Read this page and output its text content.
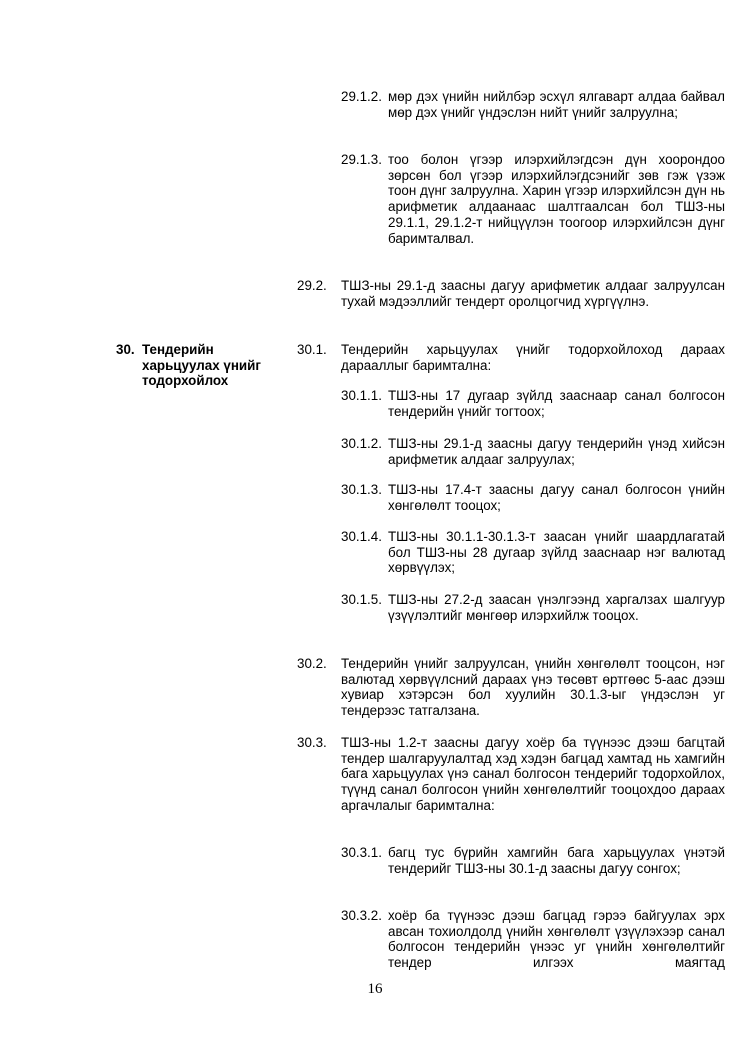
30. Тендерийн харьцуулах үнийг тодорхойлох
29.1.2. мөр дэх үнийн нийлбэр эсхүл ялгаварт алдаа байвал мөр дэх үнийг үндэслэн нийт үнийг залруулна;
29.1.3. тоо болон үгээр илэрхийлэгдсэн дүн хоорондоо зөрсөн бол үгээр илэрхийлэгдсэнийг зөв гэж үзэж тоон дүнг залруулна. Харин үгээр илэрхийлсэн дүн нь арифметик алдаанаас шалтгаалсан бол ТШЗ-ны 29.1.1, 29.1.2-т нийцүүлэн тоогоор илэрхийлсэн дүнг баримталвал.
29.2. ТШЗ-ны 29.1-д заасны дагуу арифметик алдааг залруулсан тухай мэдээллийг тендерт оролцогчид хүргүүлнэ.
30.1. Тендерийн харьцуулах үнийг тодорхойлоход дараах дарааллыг баримтална:
30.1.1. ТШЗ-ны 17 дугаар зүйлд зааснаар санал болгосон тендерийн үнийг тогтоох;
30.1.2. ТШЗ-ны 29.1-д заасны дагуу тендерийн үнэд хийсэн арифметик алдааг залруулах;
30.1.3. ТШЗ-ны 17.4-т заасны дагуу санал болгосон үнийн хөнгөлөлт тооцох;
30.1.4. ТШЗ-ны 30.1.1-30.1.3-т заасан үнийг шаардлагатай бол ТШЗ-ны 28 дугаар зүйлд зааснаар нэг валютад хөрвүүлэх;
30.1.5. ТШЗ-ны 27.2-д заасан үнэлгээнд харгалзах шалгуур үзүүлэлтийг мөнгөөр илэрхийлж тооцох.
30.2. Тендерийн үнийг залруулсан, үнийн хөнгөлөлт тооцсон, нэг валютад хөрвүүлсний дараах үнэ төсөвт өртгөөс 5-аас дээш хувиар хэтэрсэн бол хуулийн 30.1.3-ыг үндэслэн уг тендерээс татгалзана.
30.3. ТШЗ-ны 1.2-т заасны дагуу хоёр ба түүнээс дээш багцтай тендер шалгаруулалтад хэд хэдэн багцад хамтад нь хамгийн бага харьцуулах үнэ санал болгосон тендерийг тодорхойлох, түүнд санал болгосон үнийн хөнгөлөлтийг тооцохдоо дараах аргачлалыг баримтална:
30.3.1. багц тус бүрийн хамгийн бага харьцуулах үнэтэй тендерийг ТШЗ-ны 30.1-д заасны дагуу сонгох;
30.3.2. хоёр ба түүнээс дээш багцад гэрээ байгуулах эрх авсан тохиолдолд үнийн хөнгөлөлт үзүүлэхээр санал болгосон тендерийн үнээс уг үнийн хөнгөлөлтийг тендер илгээх маягтад
16
